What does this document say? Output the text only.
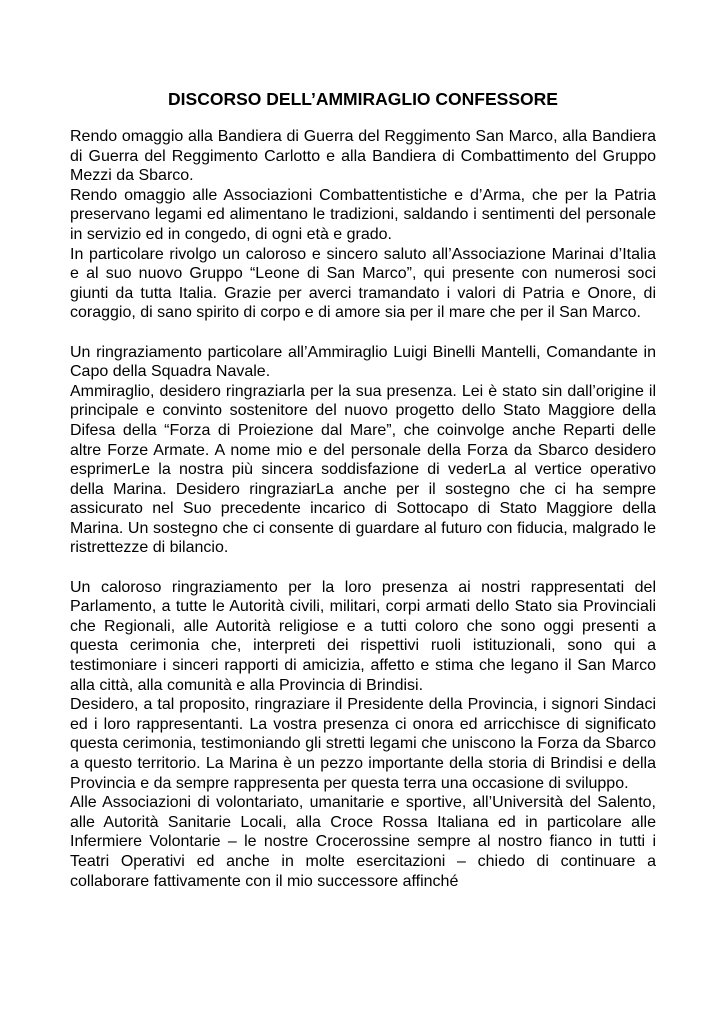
DISCORSO DELL’AMMIRAGLIO CONFESSORE

Rendo omaggio alla Bandiera di Guerra del Reggimento San Marco, alla Bandiera di Guerra del Reggimento Carlotto e alla Bandiera di Combattimento del Gruppo Mezzi da Sbarco.

Rendo omaggio alle Associazioni Combattentistiche e d’Arma, che per la Patria preservano legami ed alimentano le tradizioni, saldando i sentimenti del personale in servizio ed in congedo, di ogni età e grado.

In particolare rivolgo un caloroso e sincero saluto all’Associazione Marinai d’Italia e al suo nuovo Gruppo “Leone di San Marco”, qui presente con numerosi soci giunti da tutta Italia. Grazie per averci tramandato i valori di Patria e Onore, di coraggio, di sano spirito di corpo e di amore sia per il mare che per il San Marco.

Un ringraziamento particolare all’Ammiraglio Luigi Binelli Mantelli, Comandante in Capo della Squadra Navale.

Ammiraglio, desidero ringraziarla per la sua presenza. Lei è stato sin dall’origine il principale e convinto sostenitore del nuovo progetto dello Stato Maggiore della Difesa della “Forza di Proiezione dal Mare”, che coinvolge anche Reparti delle altre Forze Armate. A nome mio e del personale della Forza da Sbarco desidero esprimerLe la nostra più sincera soddisfazione di vederLa al vertice operativo della Marina. Desidero ringraziarLa anche per il sostegno che ci ha sempre assicurato nel Suo precedente incarico di Sottocapo di Stato Maggiore della Marina. Un sostegno che ci consente di guardare al futuro con fiducia, malgrado le ristrettezze di bilancio.

Un caloroso ringraziamento per la loro presenza ai nostri rappresentati del Parlamento, a tutte le Autorità civili, militari, corpi armati dello Stato sia Provinciali che Regionali, alle Autorità religiose e a tutti coloro che sono oggi presenti a questa cerimonia che, interpreti dei rispettivi ruoli istituzionali, sono qui a testimoniare i sinceri rapporti di amicizia, affetto e stima che legano il San Marco alla città, alla comunità e alla Provincia di Brindisi.

Desidero, a tal proposito, ringraziare il Presidente della Provincia, i signori Sindaci ed i loro rappresentanti. La vostra presenza ci onora ed arricchisce di significato questa cerimonia, testimoniando gli stretti legami che uniscono la Forza da Sbarco a questo territorio. La Marina è un pezzo importante della storia di Brindisi e della Provincia e da sempre rappresenta per questa terra una occasione di sviluppo.

Alle Associazioni di volontariato, umanitarie e sportive, all’Università del Salento, alle Autorità Sanitarie Locali, alla Croce Rossa Italiana ed in particolare alle Infermiere Volontarie – le nostre Crocerossine sempre al nostro fianco in tutti i Teatri Operativi ed anche in molte esercitazioni – chiedo di continuare a collaborare fattivamente con il mio successore affinché
